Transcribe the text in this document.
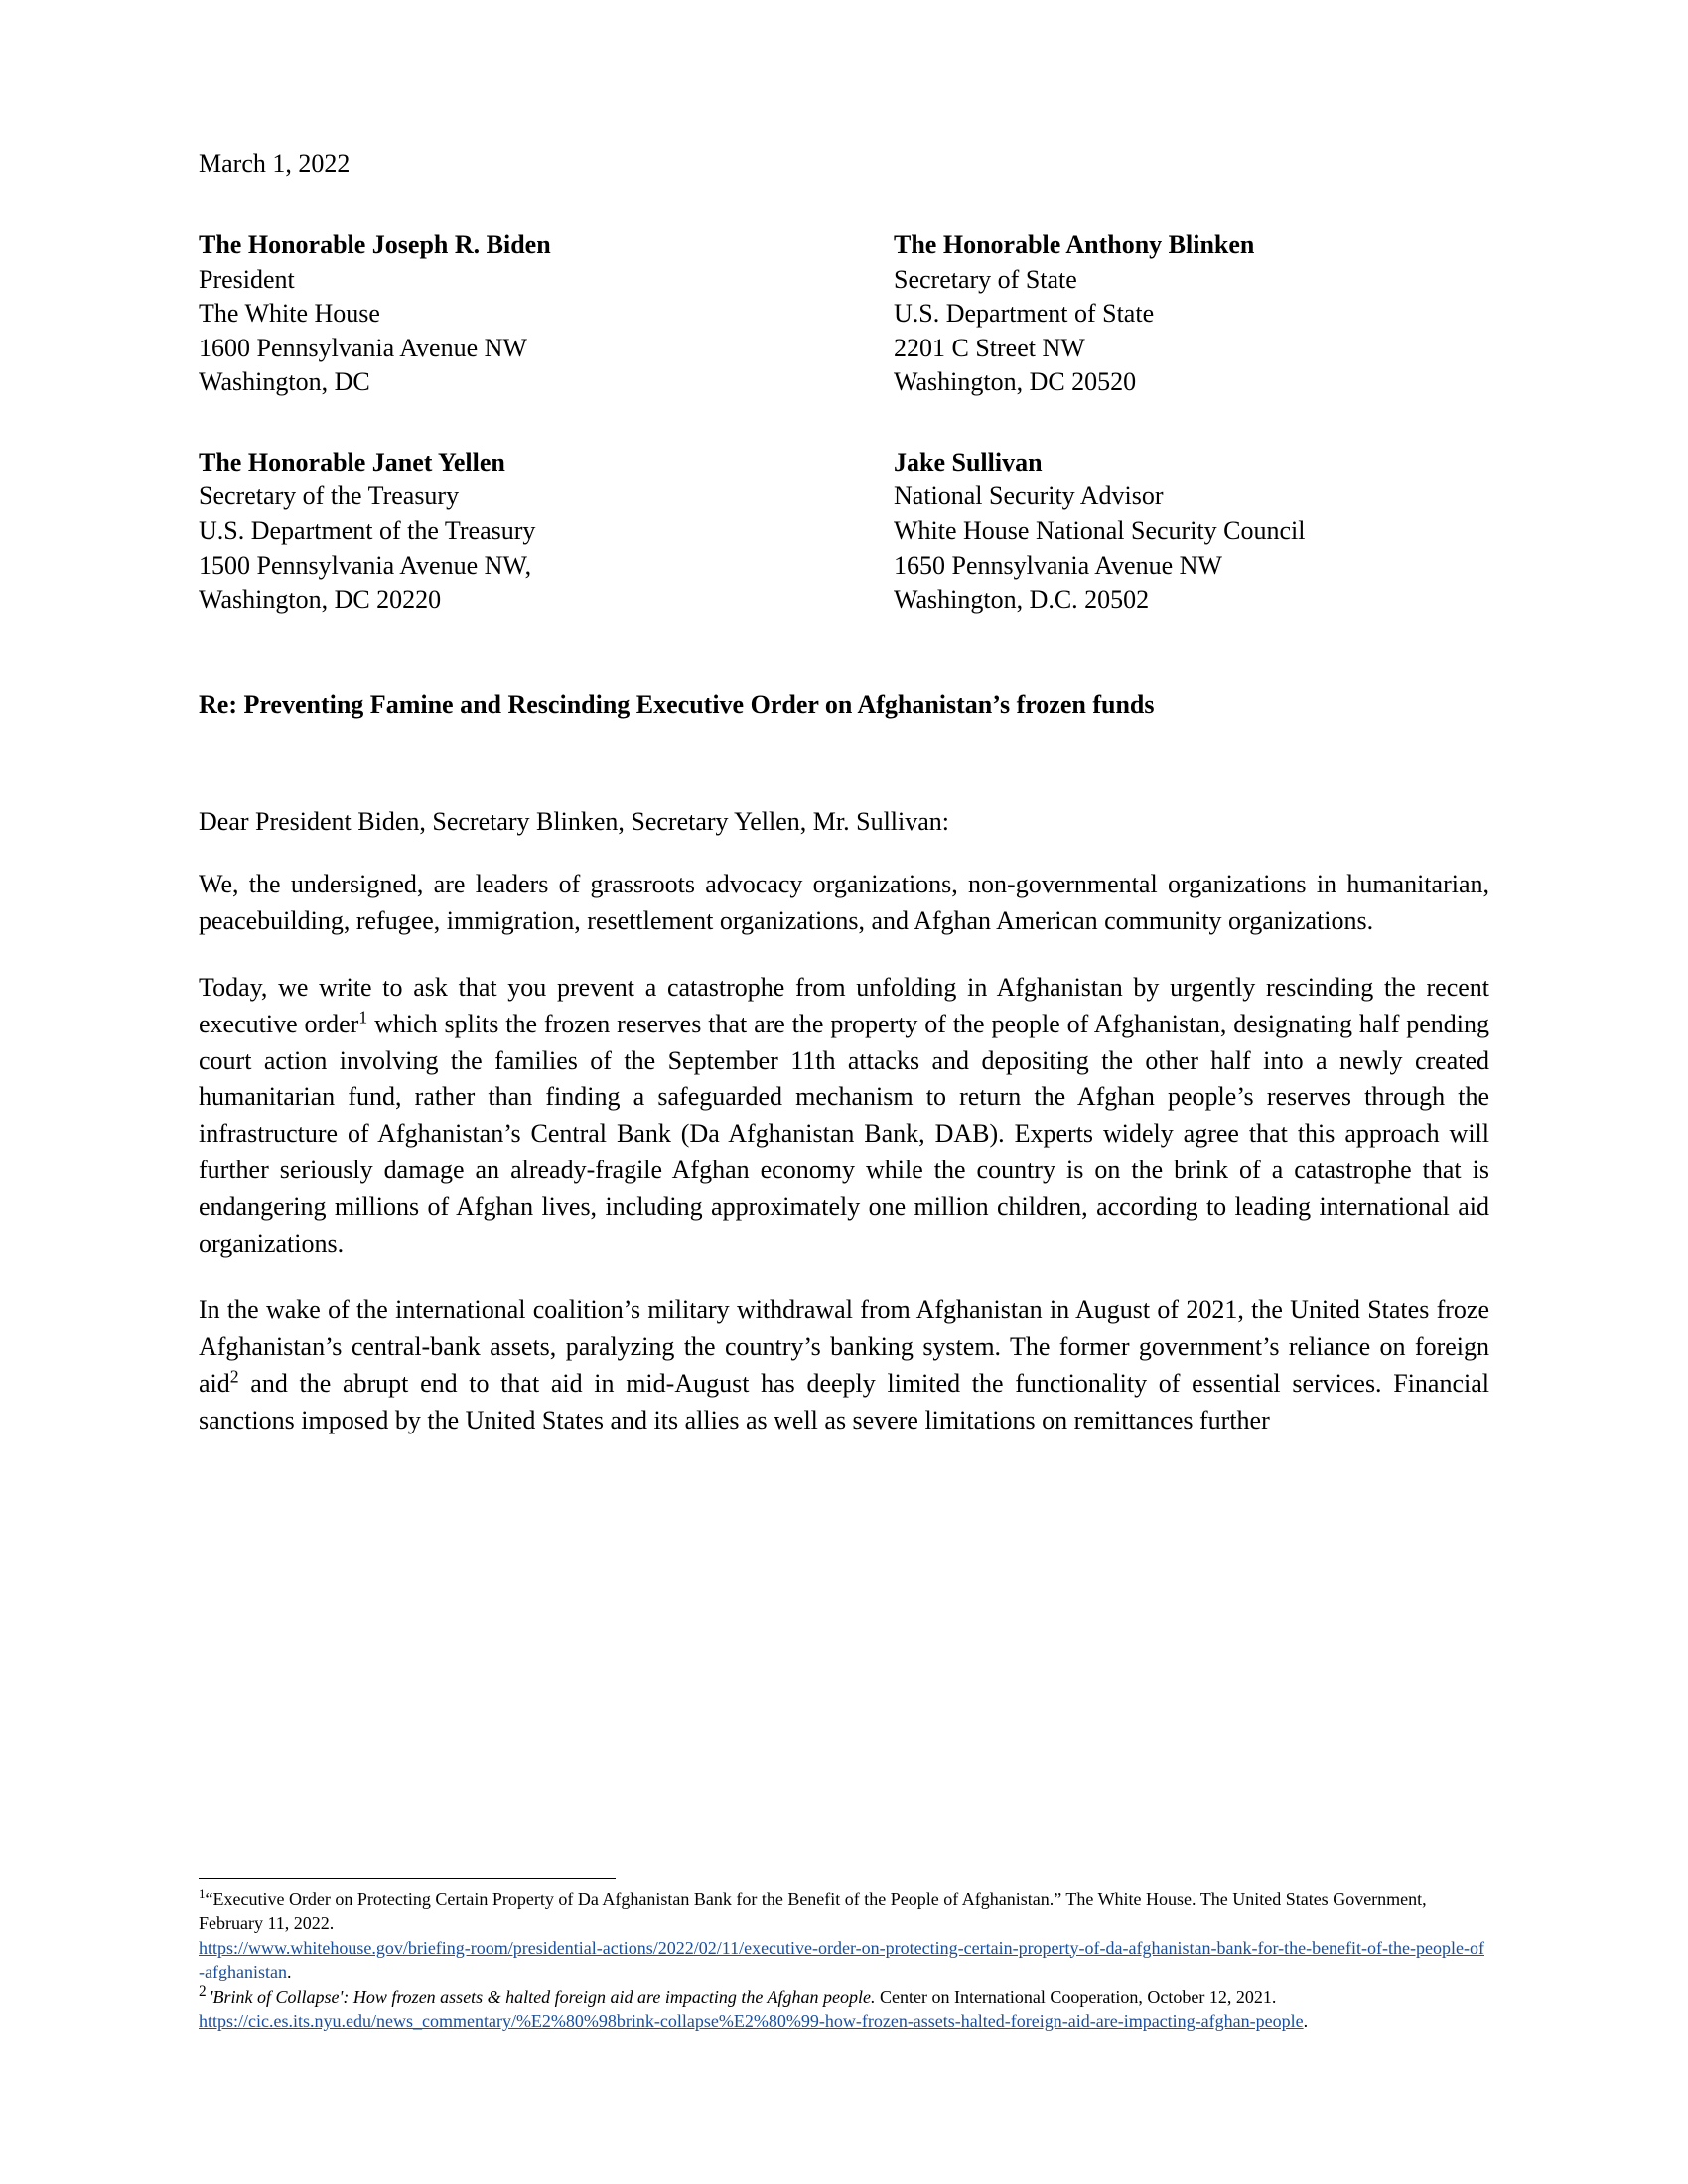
March 1, 2022
The Honorable Joseph R. Biden
President
The White House
1600 Pennsylvania Avenue NW
Washington, DC
The Honorable Anthony Blinken
Secretary of State
U.S. Department of State
2201 C Street NW
Washington, DC 20520
The Honorable Janet Yellen
Secretary of the Treasury
U.S. Department of the Treasury
1500 Pennsylvania Avenue NW,
Washington, DC 20220
Jake Sullivan
National Security Advisor
White House National Security Council
1650 Pennsylvania Avenue NW
Washington, D.C. 20502
Re: Preventing Famine and Rescinding Executive Order on Afghanistan’s frozen funds
Dear President Biden, Secretary Blinken, Secretary Yellen, Mr. Sullivan:
We, the undersigned, are leaders of grassroots advocacy organizations, non-governmental organizations in humanitarian, peacebuilding, refugee, immigration, resettlement organizations, and Afghan American community organizations.
Today, we write to ask that you prevent a catastrophe from unfolding in Afghanistan by urgently rescinding the recent executive order$^1$ which splits the frozen reserves that are the property of the people of Afghanistan, designating half pending court action involving the families of the September 11th attacks and depositing the other half into a newly created humanitarian fund, rather than finding a safeguarded mechanism to return the Afghan people’s reserves through the infrastructure of Afghanistan’s Central Bank (Da Afghanistan Bank, DAB). Experts widely agree that this approach will further seriously damage an already-fragile Afghan economy while the country is on the brink of a catastrophe that is endangering millions of Afghan lives, including approximately one million children, according to leading international aid organizations.
In the wake of the international coalition’s military withdrawal from Afghanistan in August of 2021, the United States froze Afghanistan’s central-bank assets, paralyzing the country’s banking system. The former government’s reliance on foreign aid$^2$ and the abrupt end to that aid in mid-August has deeply limited the functionality of essential services. Financial sanctions imposed by the United States and its allies as well as severe limitations on remittances further
$^1$“Executive Order on Protecting Certain Property of Da Afghanistan Bank for the Benefit of the People of Afghanistan.” The White House. The United States Government, February 11, 2022.
https://www.whitehouse.gov/briefing-room/presidential-actions/2022/02/11/executive-order-on-protecting-certain-property-of-da-afghanistan-bank-for-the-benefit-of-the-people-of-afghanistan.
2 'Brink of Collapse': How frozen assets & halted foreign aid are impacting the Afghan people. Center on International Cooperation, October 12, 2021.
https://cic.es.its.nyu.edu/news_commentary/%E2%80%98brink-collapse%E2%80%99-how-frozen-assets-halted-foreign-aid-are-impacting-afghan-people.
